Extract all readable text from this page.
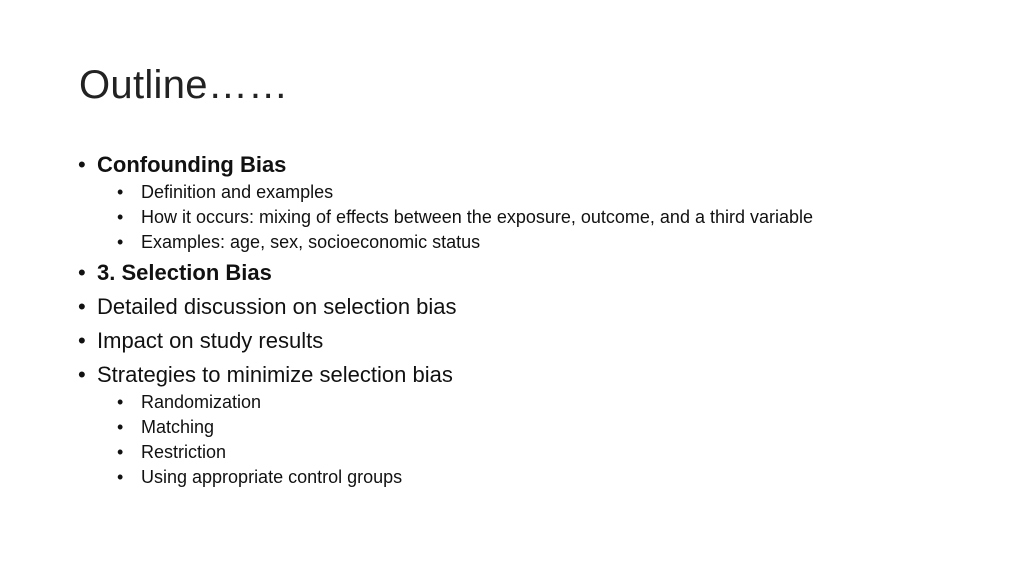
Outline……
• Confounding Bias
• Definition and examples
• How it occurs: mixing of effects between the exposure, outcome, and a third variable
• Examples: age, sex, socioeconomic status
• 3. Selection Bias
• Detailed discussion on selection bias
• Impact on study results
• Strategies to minimize selection bias
• Randomization
• Matching
• Restriction
• Using appropriate control groups
